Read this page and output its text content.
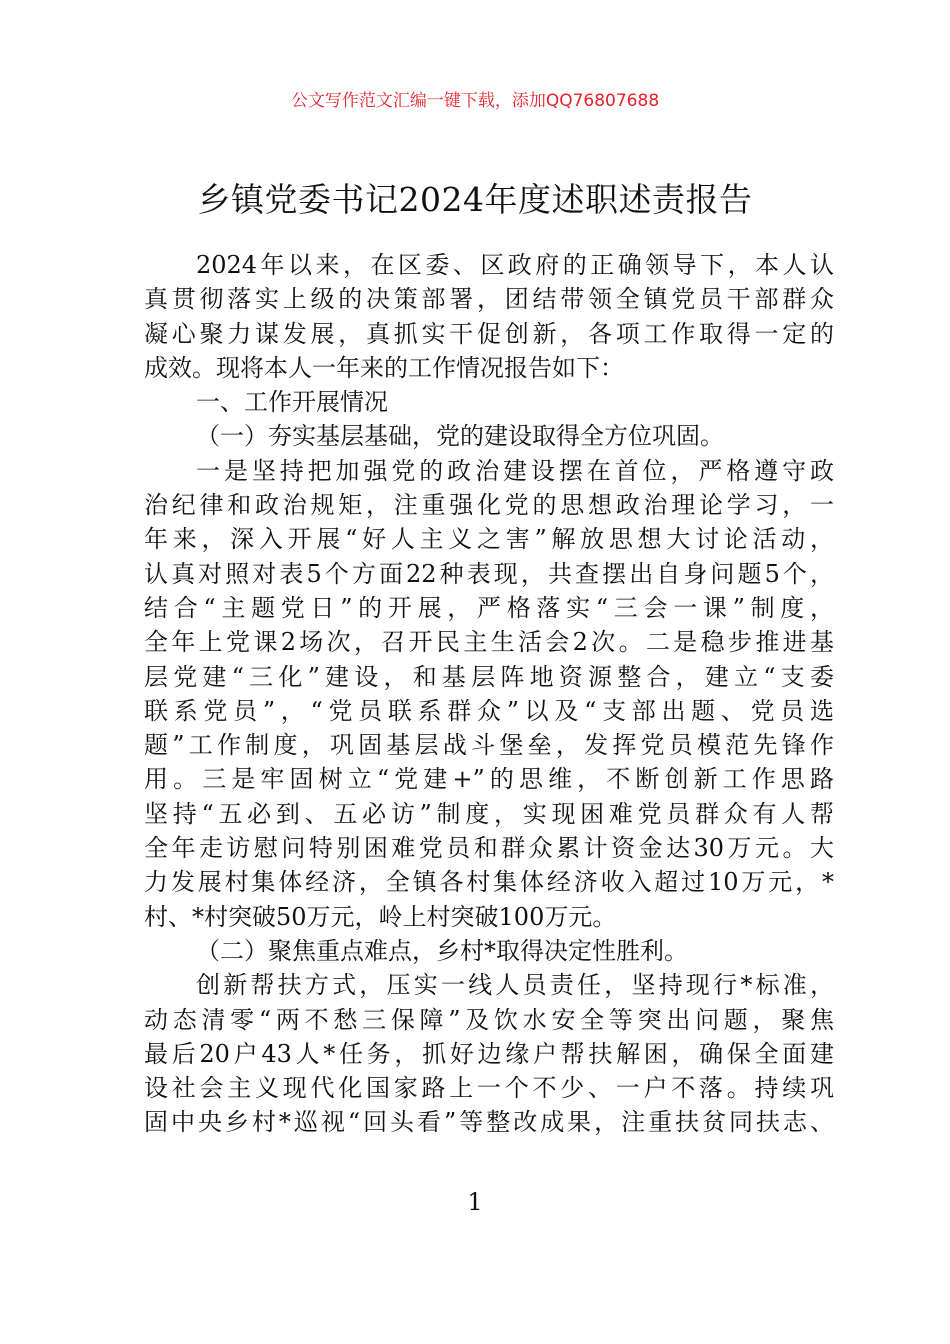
公文写作范文汇编一键下载，添加QQ76807688
乡镇党委书记2024年度述职述责报告
2024年以来，在区委、区政府的正确领导下，本人认
真贯彻落实上级的决策部署，团结带领全镇党员干部群众
凝心聚力谋发展，真抓实干促创新，各项工作取得一定的
成效。现将本人一年来的工作情况报告如下：
一、工作开展情况
（一）夯实基层基础，党的建设取得全方位巩固。
一是坚持把加强党的政治建设摆在首位，严格遵守政
治纪律和政治规矩，注重强化党的思想政治理论学习，一
年来，深入开展“好人主义之害”解放思想大讨论活动，
认真对照对表5个方面22种表现，共查摆出自身问题5个，
结合“主题党日”的开展，严格落实“三会一课”制度，
全年上党课2场次，召开民主生活会2次。二是稳步推进基
层党建“三化”建设，和基层阵地资源整合，建立“支委
联系党员”，“党员联系群众”以及“支部出题、党员选
题”工作制度，巩固基层战斗堡垒，发挥党员模范先锋作
用。三是牢固树立“党建+”的思维，不断创新工作思路
坚持“五必到、五必访”制度，实现困难党员群众有人帮
全年走访慰问特别困难党员和群众累计资金达30万元。大
力发展村集体经济，全镇各村集体经济收入超过10万元，*
村、*村突破50万元，岭上村突破100万元。
（二）聚焦重点难点，乡村*取得决定性胜利。
创新帮扶方式，压实一线人员责任，坚持现行*标准，
动态清零“两不愁三保障”及饮水安全等突出问题，聚焦
最后20户43人*任务，抓好边缘户帮扶解困，确保全面建
设社会主义现代化国家路上一个不少、一户不落。持续巩
固中央乡村*巡视“回头看”等整改成果，注重扶贫同扶志、
1
